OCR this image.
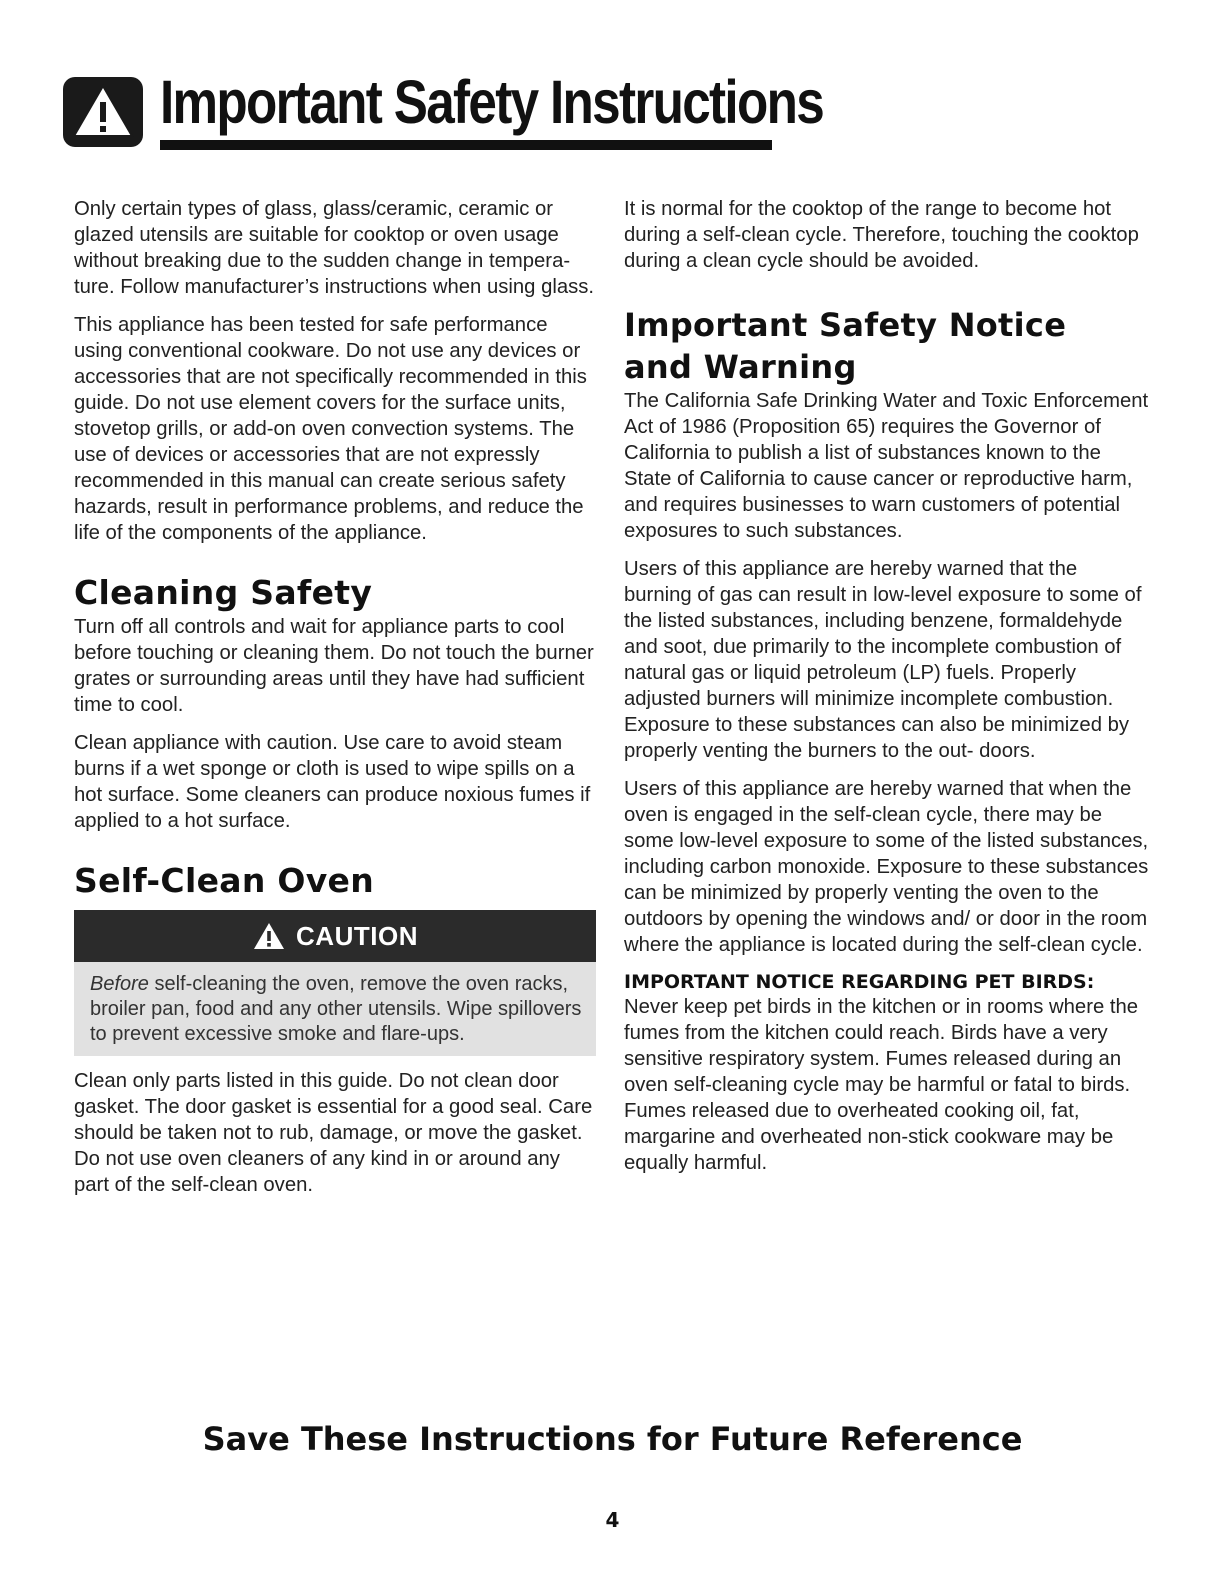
Important Safety Instructions

Only certain types of glass, glass/ceramic, ceramic or glazed utensils are suitable for cooktop or oven usage without breaking due to the sudden change in tempera- ture. Follow manufacturer’s instructions when using glass.

This appliance has been tested for safe performance using conventional cookware. Do not use any devices or accessories that are not specifically recommended in this guide. Do not use element covers for the surface units, stovetop grills, or add-on oven convection systems. The use of devices or accessories that are not expressly recommended in this manual can create serious safety hazards, result in performance problems, and reduce the life of the components of the appliance.

Cleaning Safety

Turn off all controls and wait for appliance parts to cool before touching or cleaning them. Do not touch the burner grates or surrounding areas until they have had sufficient time to cool.

Clean appliance with caution. Use care to avoid steam burns if a wet sponge or cloth is used to wipe spills on a hot surface. Some cleaners can produce noxious fumes if applied to a hot surface.

Self-Clean Oven
CAUTION
Before self-cleaning the oven, remove the oven racks, broiler pan, food and any other utensils. Wipe spillovers to prevent excessive smoke and flare-ups.

Clean only parts listed in this guide. Do not clean door gasket. The door gasket is essential for a good seal. Care should be taken not to rub, damage, or move the gasket. Do not use oven cleaners of any kind in or around any part of the self-clean oven.

It is normal for the cooktop of the range to become hot during a self-clean cycle. Therefore, touching the cooktop during a clean cycle should be avoided.

Important Safety Notice
and Warning

The California Safe Drinking Water and Toxic Enforcement Act of 1986 (Proposition 65) requires the Governor of California to publish a list of substances known to the State of California to cause cancer or reproductive harm, and requires businesses to warn customers of potential exposures to such substances.

Users of this appliance are hereby warned that the burning of gas can result in low-level exposure to some of the listed substances, including benzene, formaldehyde and soot, due primarily to the incomplete combustion of natural gas or liquid petroleum (LP) fuels. Properly adjusted burners will minimize incomplete combustion. Exposure to these substances can also be minimized by properly venting the burners to the out- doors.

Users of this appliance are hereby warned that when the oven is engaged in the self-clean cycle, there may be some low-level exposure to some of the listed substances, including carbon monoxide. Exposure to these substances can be minimized by properly venting the oven to the outdoors by opening the windows and/ or door in the room where the appliance is located during the self-clean cycle.

IMPORTANT NOTICE REGARDING PET BIRDS:

Never keep pet birds in the kitchen or in rooms where the fumes from the kitchen could reach. Birds have a very sensitive respiratory system. Fumes released during an oven self-cleaning cycle may be harmful or fatal to birds. Fumes released due to overheated cooking oil, fat, margarine and overheated non-stick cookware may be equally harmful.

Save These Instructions for Future Reference

4
